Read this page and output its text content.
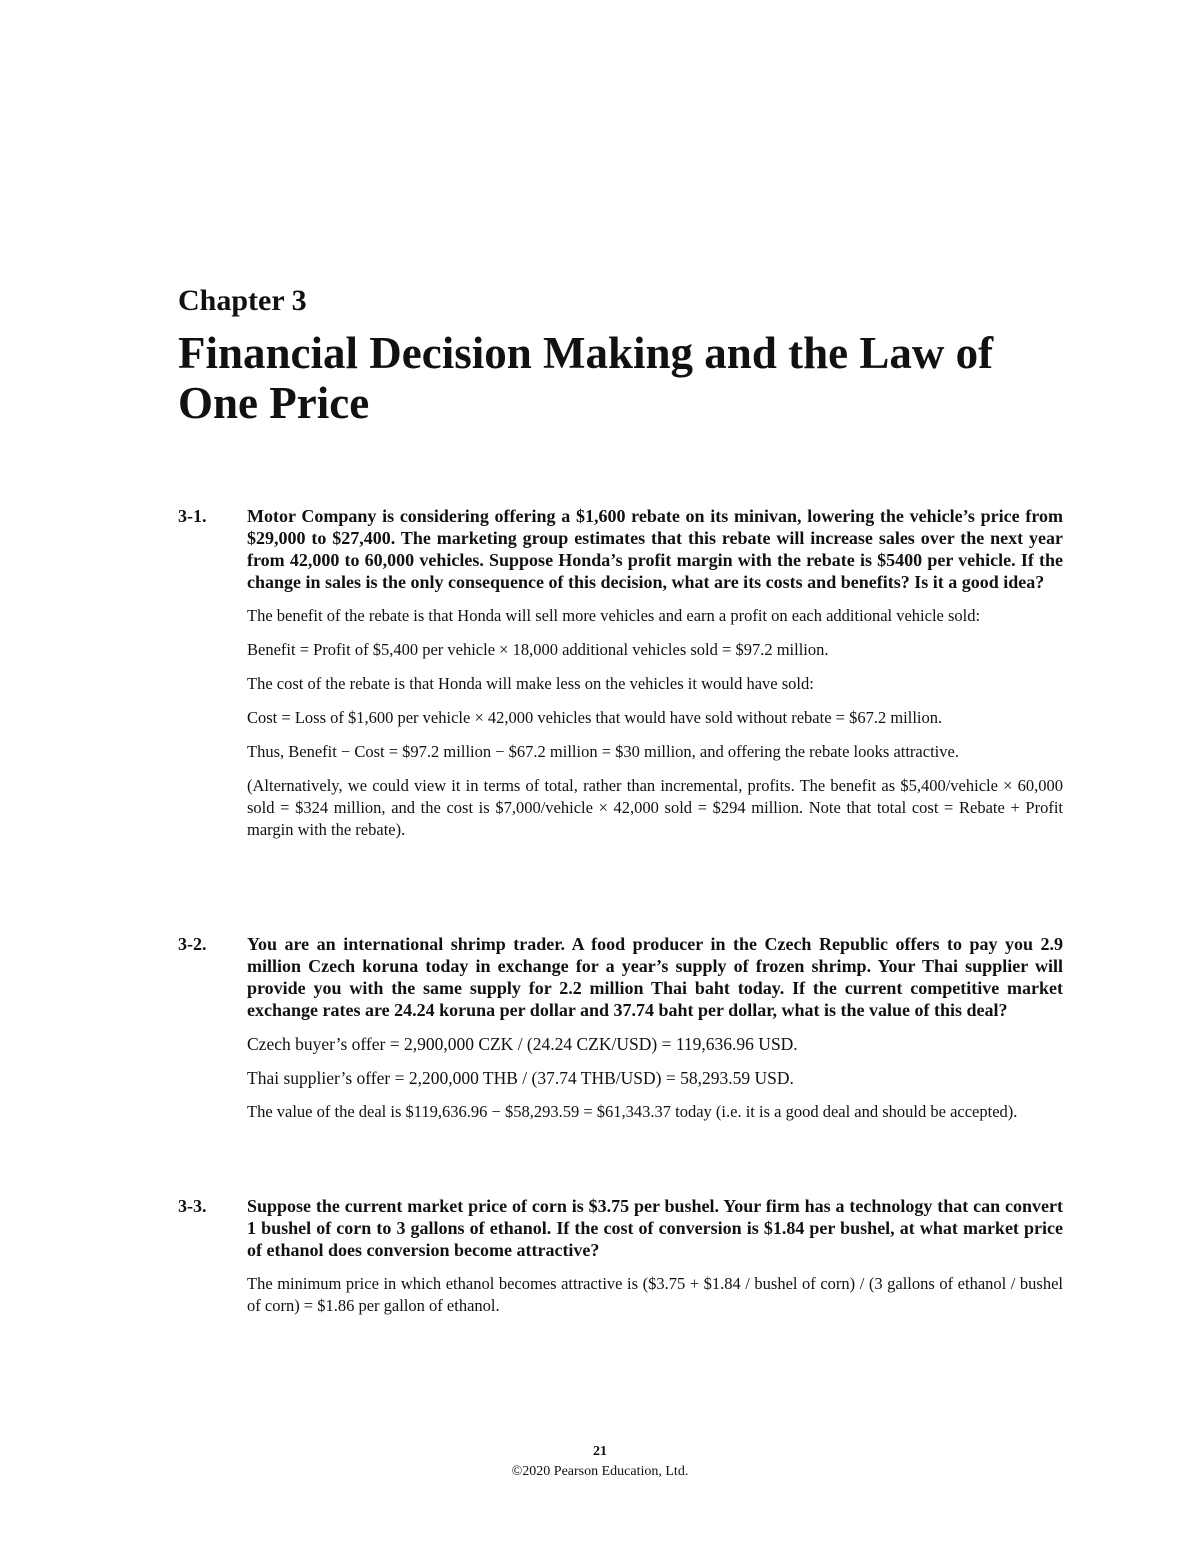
Chapter 3
Financial Decision Making and the Law of One Price
3-1. Motor Company is considering offering a $1,600 rebate on its minivan, lowering the vehicle’s price from $29,000 to $27,400. The marketing group estimates that this rebate will increase sales over the next year from 42,000 to 60,000 vehicles. Suppose Honda’s profit margin with the rebate is $5400 per vehicle. If the change in sales is the only consequence of this decision, what are its costs and benefits? Is it a good idea?

The benefit of the rebate is that Honda will sell more vehicles and earn a profit on each additional vehicle sold:

Benefit = Profit of $5,400 per vehicle × 18,000 additional vehicles sold = $97.2 million.

The cost of the rebate is that Honda will make less on the vehicles it would have sold:

Cost = Loss of $1,600 per vehicle × 42,000 vehicles that would have sold without rebate = $67.2 million.

Thus, Benefit − Cost = $97.2 million − $67.2 million = $30 million, and offering the rebate looks attractive.

(Alternatively, we could view it in terms of total, rather than incremental, profits. The benefit as $5,400/vehicle × 60,000 sold = $324 million, and the cost is $7,000/vehicle × 42,000 sold = $294 million. Note that total cost = Rebate + Profit margin with the rebate).

3-2. You are an international shrimp trader. A food producer in the Czech Republic offers to pay you 2.9 million Czech koruna today in exchange for a year’s supply of frozen shrimp. Your Thai supplier will provide you with the same supply for 2.2 million Thai baht today. If the current competitive market exchange rates are 24.24 koruna per dollar and 37.74 baht per dollar, what is the value of this deal?

Czech buyer’s offer = 2,900,000 CZK / (24.24 CZK/USD) = 119,636.96 USD.

Thai supplier’s offer = 2,200,000 THB / (37.74 THB/USD) = 58,293.59 USD.

The value of the deal is $119,636.96 − $58,293.59 = $61,343.37 today (i.e. it is a good deal and should be accepted).

3-3. Suppose the current market price of corn is $3.75 per bushel. Your firm has a technology that can convert 1 bushel of corn to 3 gallons of ethanol. If the cost of conversion is $1.84 per bushel, at what market price of ethanol does conversion become attractive?

The minimum price in which ethanol becomes attractive is ($3.75 + $1.84 / bushel of corn) / (3 gallons of ethanol / bushel of corn) = $1.86 per gallon of ethanol.

21
©2020 Pearson Education, Ltd.
